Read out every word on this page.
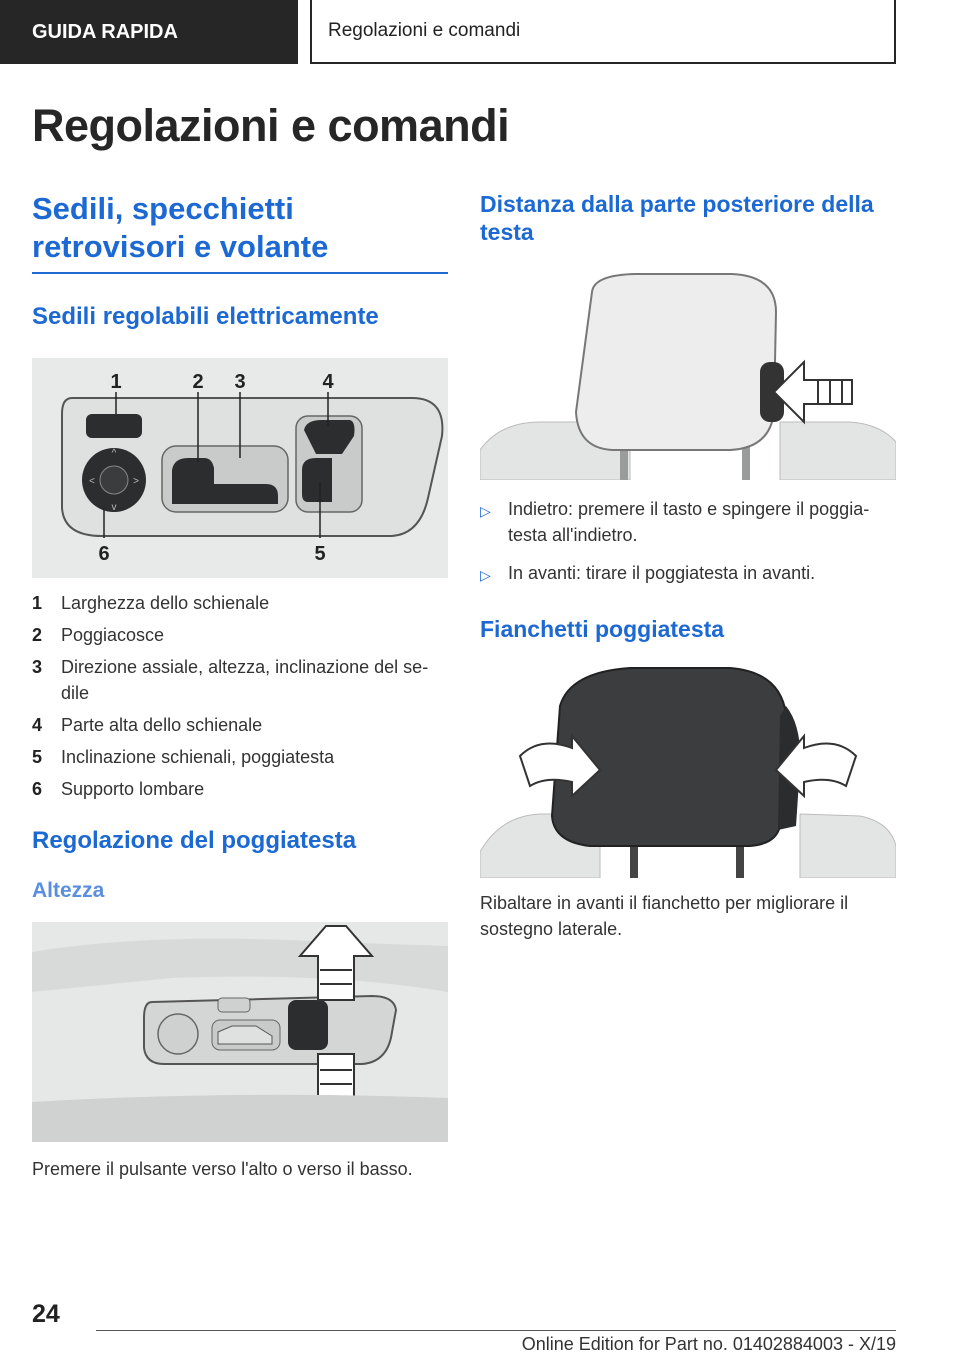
GUIDA RAPIDA	Regolazioni e comandi
Regolazioni e comandi
Sedili, specchietti retrovisori e volante
Sedili regolabili elettricamente
^
v
<	>
1	2 3	4
5
6
1	Larghezza dello schienale
2	Poggiacosce
3	Direzione assiale, altezza, inclinazione del sedile
4	Parte alta dello schienale
5	Inclinazione schienali, poggiatesta
6	Supporto lombare
Regolazione del poggiatesta
Altezza

Premere il pulsante verso l'alto o verso il basso.

Distanza dalla parte posteriore della testa
▷ Indietro: premere il tasto e spingere il poggiatesta all'indietro.
▷ In avanti: tirare il poggiatesta in avanti.
Fianchetti poggiatesta

Ribaltare in avanti il fianchetto per migliorare il sostegno laterale.

24
Online Edition for Part no. 01402884003 - X/19
